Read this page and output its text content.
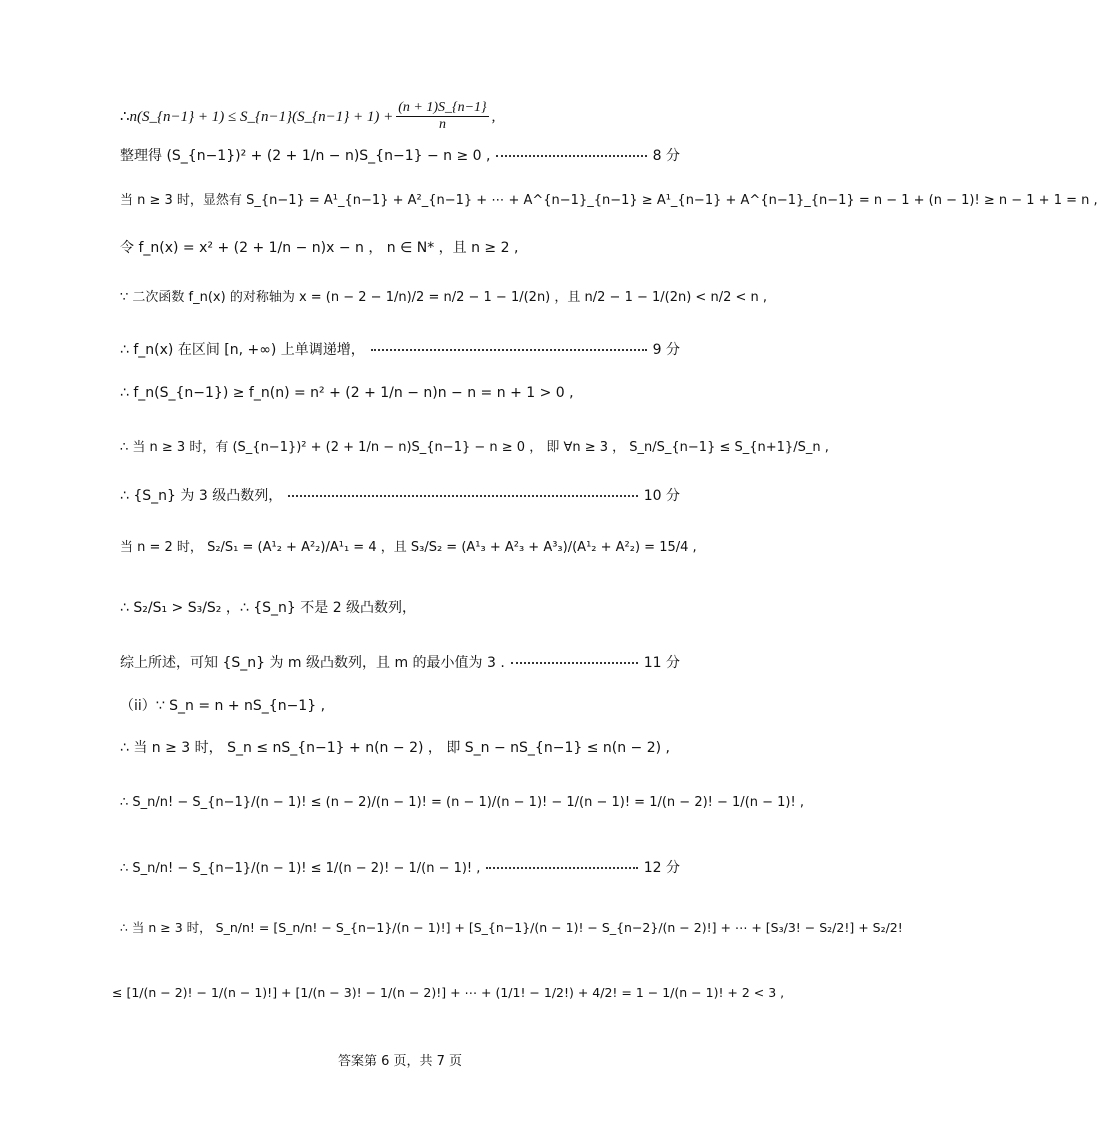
∴ n(S_{n−1} + 1) ≤ S_{n−1}(S_{n−1} + $1) + \frac{(n + 1)S\_\{n-1\}}{n}$ ,
整理得 (S_{n−1})² + (2 + 1/n − n)S_{n−1} − n ≥ 0 ,	8 分
当 n ≥ 3 时，显然有 S_{n−1} = A¹_{n−1} + A²_{n−1} + ⋯ + A^{n−1}_{n−1} ≥ A¹_{n−1} + A^{n−1}_{n−1} = n − 1 + (n − 1)! ≥ n − 1 + 1 = n ,
令 f_n(x) = x² + (2 + 1/n − n)x − n ， n ∈ N* ，且 n ≥ 2 ,
∵ 二次函数 f_n(x) 的对称轴为 x = (n − 2 − 1/n)/2 = n/2 − 1 − 1/(2n) ，且 n/2 − 1 − 1/(2n) < n/2 < n ,
∴ f_n(x) 在区间 [n, +∞) 上单调递增，	9 分
∴ f_n(S_{n−1}) ≥ f_n(n) = n² + (2 + 1/n − n)n − n = n + 1 > 0 ,
∴ 当 n ≥ 3 时，有 (S_{n−1})² + (2 + 1/n − n)S_{n−1} − n ≥ 0 ， 即 ∀n ≥ 3 ， S_n/S_{n−1} ≤ S_{n+1}/S_n ,
∴ {S_n} 为 3 级凸数列，	10 分
当 n = 2 时， S₂/S₁ = (A¹₂ + A²₂)/A¹₁ = 4 ，且 S₃/S₂ = (A¹₃ + A²₃ + A³₃)/(A¹₂ + A²₂) = 15/4 ,
∴ S₂/S₁ > S₃/S₂ ，∴ {S_n} 不是 2 级凸数列，
综上所述，可知 {S_n} 为 m 级凸数列，且 m 的最小值为 3 .	11 分
（ii）∵ S_n = n + nS_{n−1} ,
∴ 当 n ≥ 3 时， S_n ≤ nS_{n−1} + n(n − 2) ， 即 S_n − nS_{n−1} ≤ n(n − 2) ,
∴ S_n/n! − S_{n−1}/(n − 1)! ≤ (n − 2)/(n − 1)! = (n − 1)/(n − 1)! − 1/(n − 1)! = 1/(n − 2)! − 1/(n − 1)! ,
∴ S_n/n! − S_{n−1}/(n − 1)! ≤ 1/(n − 2)! − 1/(n − 1)! ,	12 分
∴ 当 n ≥ 3 时， S_n/n! = [S_n/n! − S_{n−1}/(n − 1)!] + [S_{n−1}/(n − 1)! − S_{n−2}/(n − 2)!] + ⋯ + [S₃/3! − S₂/2!] + S₂/2!
≤ [1/(n − 2)! − 1/(n − 1)!] + [1/(n − 3)! − 1/(n − 2)!] + ⋯ + (1/1! − 1/2!) + 4/2! = 1 − 1/(n − 1)! + 2 < 3 ,
答案第 6 页，共 7 页
